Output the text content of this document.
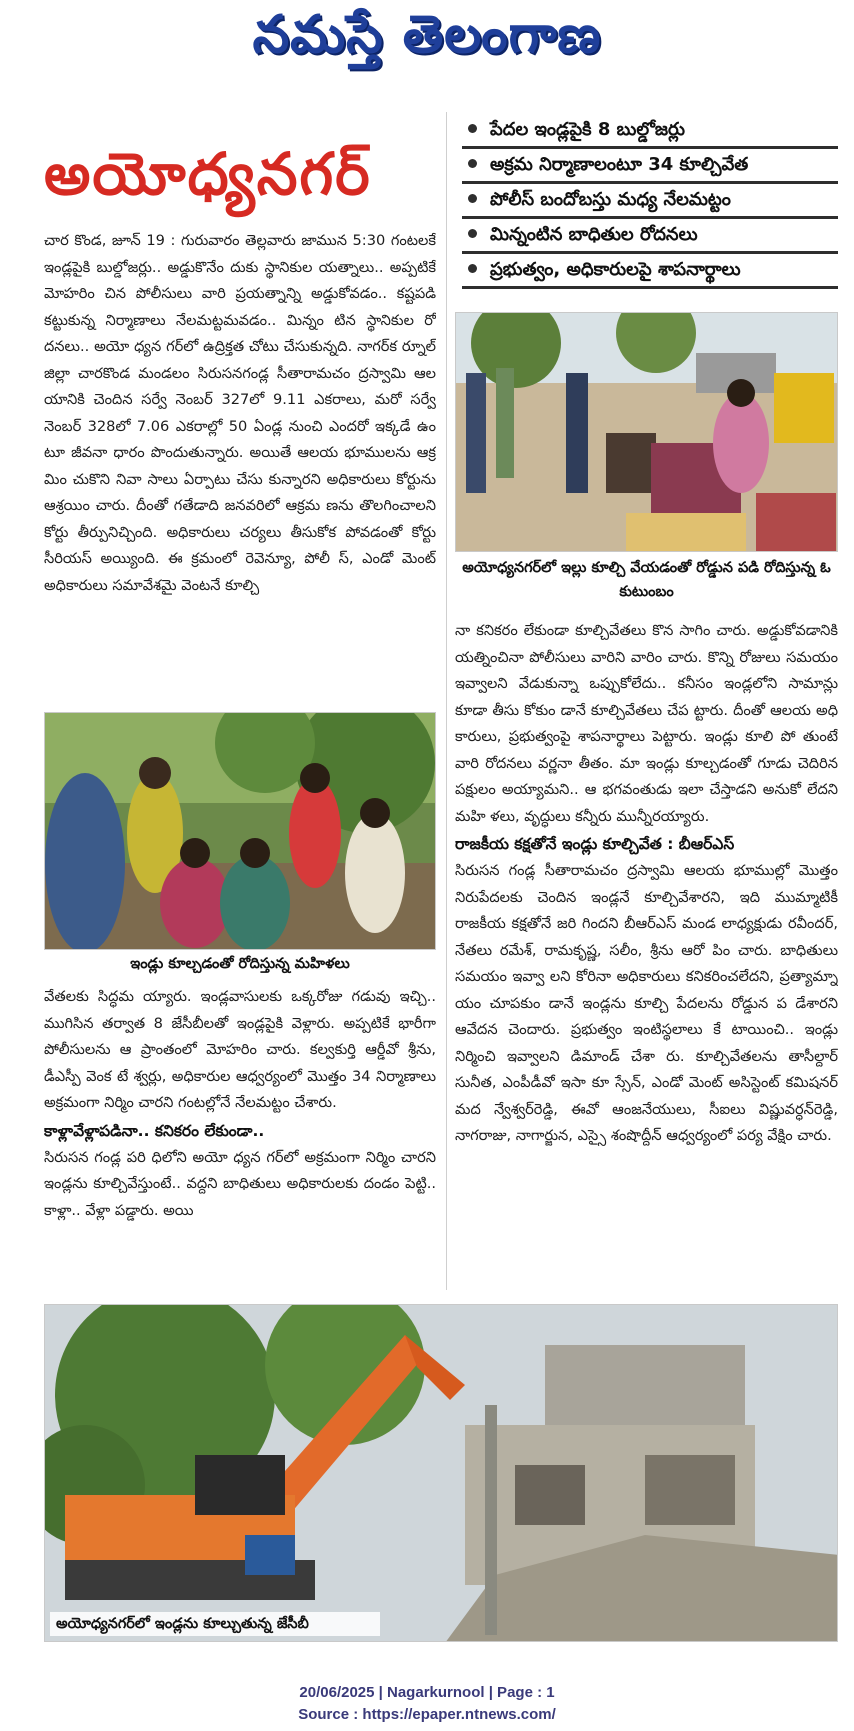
నమస్తే తెలంగాణ
అయోధ్యనగర్
పేదల ఇండ్లపైకి 8 బుల్డోజర్లు
అక్రమ నిర్మాణాలంటూ 34 కూల్చివేత
పోలీస్ బందోబస్తు మధ్య నేలమట్టం
మిన్నంటిన బాధితుల రోదనలు
ప్రభుత్వం, అధికారులపై శాపనార్థాలు

చార కొండ, జూన్ 19 : గురువారం తెల్లవారు జామున 5:30 గంటలకే ఇండ్లపైకి బుల్డోజర్లు.. అడ్డుకొనేం దుకు స్థానికుల యత్నాలు.. అప్పటికే మోహరిం చిన పోలీసులు వారి ప్రయత్నాన్ని అడ్డుకోవడం.. కష్టపడి కట్టుకున్న నిర్మాణాలు నేలమట్టమవడం.. మిన్నం టిన స్థానికుల రో దనలు.. అయో ధ్యన గర్‌లో ఉద్రిక్తత చోటు చేసుకున్నది. నాగర్‌క ర్నూల్ జిల్లా చారకొండ మండలం సిరుసనగండ్ల సీతారామచం ద్రస్వామి ఆల యానికి చెందిన సర్వే నెంబర్ 327లో 9.11 ఎకరాలు, మరో సర్వే నెంబర్ 328లో 7.06 ఎకరాల్లో 50 ఏండ్ల నుంచి ఎందరో ఇక్కడే ఉం టూ జీవనా ధారం పొందుతున్నారు. అయితే ఆలయ భూములను ఆక్ర మిం చుకొని నివా సాలు ఏర్పాటు చేసు కున్నారని అధికారులు కోర్టును ఆశ్రయిం చారు. దీంతో గతేడాది జనవరిలో ఆక్రమ ణను తొలగించాలని కోర్టు తీర్పునిచ్చింది. అధికారులు చర్యలు తీసుకోక పోవడంతో కోర్టు సీరియస్ అయ్యింది. ఈ క్రమంలో రెవెన్యూ, పోలీ స్, ఎండో మెంట్ అధికారులు సమావేశమై వెంటనే కూల్చి

ఇండ్లు కూల్చడంతో రోదిస్తున్న మహిళలు

వేతలకు సిద్ధమ య్యారు. ఇండ్లవాసులకు ఒక్కరోజు గడువు ఇచ్చి.. ముగిసిన తర్వాత 8 జేసీబీలతో ఇండ్లపైకి వెళ్లారు. అప్పటికే భారీగా పోలీసులను ఆ ప్రాంతంలో మోహరిం చారు. కల్వకుర్తి ఆర్డీవో శ్రీను, డీఎస్పీ వెంక టే శ్వర్లు, అధికారుల ఆధ్వర్యంలో మొత్తం 34 నిర్మాణాలు అక్రమంగా నిర్మిం చారని గంటల్లోనే నేలమట్టం చేశారు.

కాళ్లావేళ్లాపడినా.. కనికరం లేకుండా..

సిరుసన గండ్ల పరి ధిలోని అయో ధ్యన గర్‌లో అక్రమంగా నిర్మిం చారని ఇండ్లను కూల్చివేస్తుంటే.. వద్దని బాధితులు అధికారులకు దండం పెట్టి.. కాళ్లా.. వేళ్లా పడ్డారు. అయి

అయోధ్యనగర్‌లో ఇల్లు కూల్చి వేయడంతో రోడ్డున పడి రోదిస్తున్న ఓ కుటుంబం

నా కనికరం లేకుండా కూల్చివేతలు కొన సాగిం చారు. అడ్డుకోవడానికి యత్నించినా పోలీసులు వారిని వారిం చారు. కొన్ని రోజులు సమయం ఇవ్వాలని వేడుకున్నా ఒప్పుకోలేదు.. కనీసం ఇండ్లలోని సామాన్లు కూడా తీసు కోకుం డానే కూల్చివేతలు చేప ట్టారు. దీంతో ఆలయ అధి కారులు, ప్రభుత్వంపై శాపనార్థాలు పెట్టారు. ఇండ్లు కూలి పో తుంటే వారి రోదనలు వర్ణనా తీతం. మా ఇండ్లు కూల్చడంతో గూడు చెదిరిన పక్షులం అయ్యామని.. ఆ భగవంతుడు ఇలా చేస్తాడని అనుకో లేదని మహి ళలు, వృద్ధులు కన్నీరు మున్నీరయ్యారు.

రాజకీయ కక్షతోనే ఇండ్లు కూల్చివేత : బీఆర్‌ఎస్

సిరుసన గండ్ల సీతారామచం ద్రస్వామి ఆలయ భూముల్లో మొత్తం నిరుపేదలకు చెందిన ఇండ్లనే కూల్చివేశారని, ఇది ముమ్మాటికీ రాజకీయ కక్షతోనే జరి గిందని బీఆర్‌ఎస్ మండ లాధ్యక్షుడు రవీందర్, నేతలు రమేశ్, రామకృష్ణ, సలీం, శ్రీను ఆరో పిం చారు. బాధితులు సమయం ఇవ్వా లని కోరినా అధికారులు కనికరించలేదని, ప్రత్యామ్నా యం చూపకుం డానే ఇండ్లను కూల్చి పేదలను రోడ్డున ప డేశారని ఆవేదన చెందారు. ప్రభుత్వం ఇంటిస్థలాలు కే టాయించి.. ఇండ్లు నిర్మించి ఇవ్వాలని డిమాండ్ చేశా రు. కూల్చివేతలను తాసీల్దార్ సునీత, ఎంపీడీవో ఇసా కూ స్సేన్, ఎండో మెంట్ అసిస్టెంట్ కమిషనర్ మద న్వేశ్వర్‌రెడ్డి, ఈవో ఆంజనేయులు, సీఐలు విష్ణువర్ధన్‌రెడ్డి, నాగరాజు, నాగార్జున, ఎస్సై శంషొద్దీన్ ఆధ్వర్యంలో పర్య వేక్షిం చారు.

అయోధ్యనగర్‌లో ఇండ్లను కూల్చుతున్న జేసీబీ
20/06/2025 | Nagarkurnool | Page : 1
Source : https://epaper.ntnews.com/
